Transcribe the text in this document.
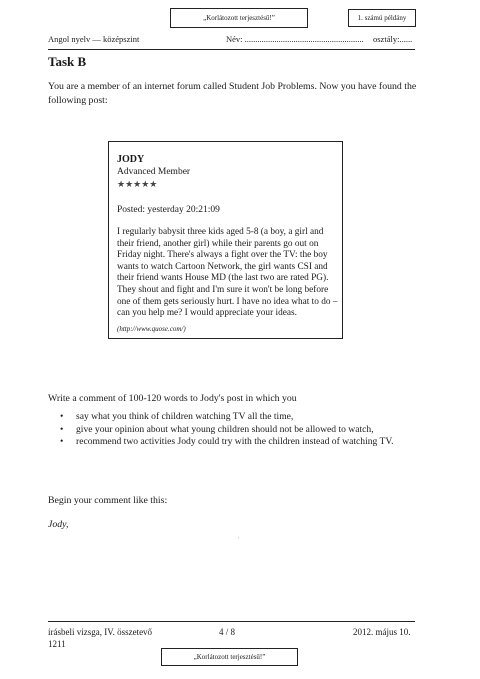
„Korlátozott terjesztésű!”	1. számú példány
Angol nyelv — középszint	Név: ........................................................ osztály:......
Task B
You are a member of an internet forum called Student Job Problems. Now you have found the following post:
JODY
Advanced Member
★★★★★
Posted: yesterday 20:21:09
I regularly babysit three kids aged 5-8 (a boy, a girl and their friend, another girl) while their parents go out on Friday night. There's always a fight over the TV: the boy wants to watch Cartoon Network, the girl wants CSI and their friend wants House MD (the last two are rated PG). They shout and fight and I'm sure it won't be long before one of them gets seriously hurt. I have no idea what to do – can you help me? I would appreciate your ideas.
(http://www.quose.com/)
Write a comment of 100-120 words to Jody's post in which you
• say what you think of children watching TV all the time,
• give your opinion about what young children should not be allowed to watch,
• recommend two activities Jody could try with the children instead of watching TV.
Begin your comment like this:
Jody,
'
írásbeli vizsga, IV. összetevő
1211
4 / 8	2012. május 10.
„Korlátozott terjesztésű!”
